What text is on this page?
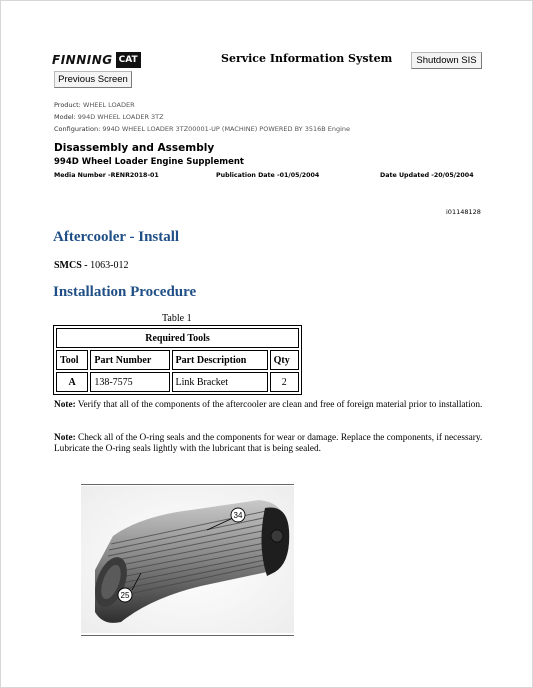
FINNING CAT	Service Information System	Shutdown SIS
Previous Screen
Product: WHEEL LOADER
Model: 994D WHEEL LOADER 3TZ
Configuration: 994D WHEEL LOADER 3TZ00001-UP (MACHINE) POWERED BY 3516B Engine
Disassembly and Assembly
994D Wheel Loader Engine Supplement
Media Number -RENR2018-01	Publication Date -01/05/2004	Date Updated -20/05/2004
i01148128
Aftercooler - Install
SMCS - 1063-012
Installation Procedure
Table 1
Required Tools			
Tool	Part Number	Part Description	Qty
A	138-7575	Link Bracket	2
Note: Verify that all of the components of the aftercooler are clean and free of foreign material prior to installation.
Note: Check all of the O-ring seals and the components for wear or damage. Replace the components, if necessary. Lubricate the O-ring seals lightly with the lubricant that is being sealed.
34
25
